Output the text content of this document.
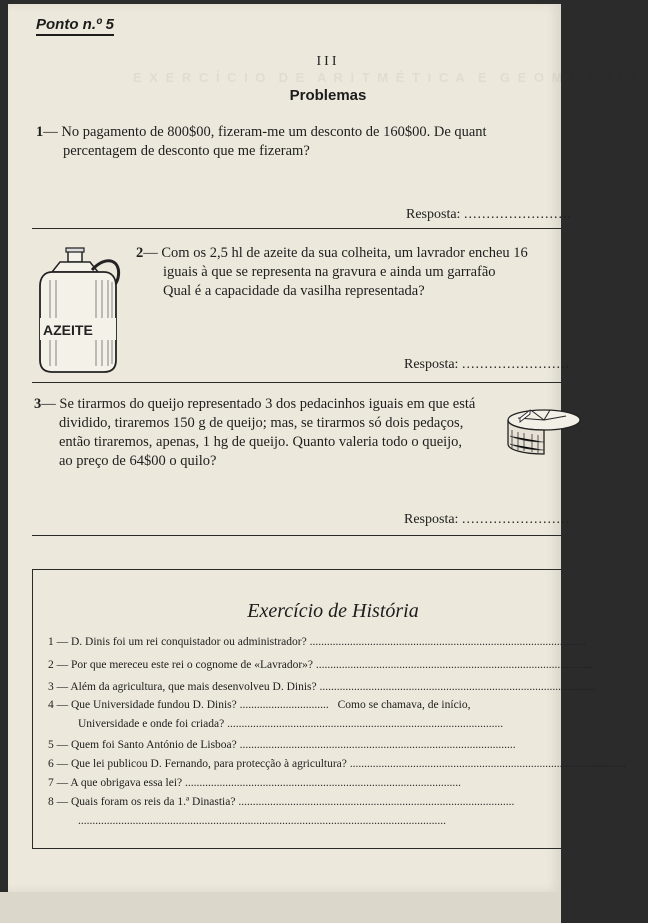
E X E R C Í C I O  D E  A R I T M É T I C A  E  G E O M E T R I A
Ponto n.º 5
III
Problemas
1— No pagamento de 800$00, fizeram-me um desconto de 160$00. De quant
percentagem de desconto que me fizeram?
Resposta: ........................
AZEITE
2— Com os 2,5 hl de azeite da sua colheita, um lavrador encheu 16
iguais à que se representa na gravura e ainda um garrafão
Qual é a capacidade da vasilha representada?
Resposta: ........................
3— Se tirarmos do queijo representado 3 dos pedacinhos iguais em que está
dividido, tiraremos 150 g de queijo; mas, se tirarmos só dois pedaços,
então tiraremos, apenas, 1 hg de queijo. Quanto valeria todo o queijo,
ao preço de 64$00 o quilo?
Resposta: ........................
Exercício de História
1 — D. Dinis foi um rei conquistador ou administrador? ................................................................................................
2 — Por que mereceu este rei o cognome de «Lavrador»? ................................................................................................
3 — Além da agricultura, que mais desenvolveu D. Dinis? ................................................................................................
4 — Que Universidade fundou D. Dinis? ............................... Como se chamava, de início,
Universidade e onde foi criada? ................................................................................................
5 — Quem foi Santo António de Lisboa? ................................................................................................
6 — Que lei publicou D. Fernando, para protecção à agricultura? ................................................................................................
7 — A que obrigava essa lei? ................................................................................................
8 — Quais foram os reis da 1.ª Dinastia? ................................................................................................
................................................................................................................................
